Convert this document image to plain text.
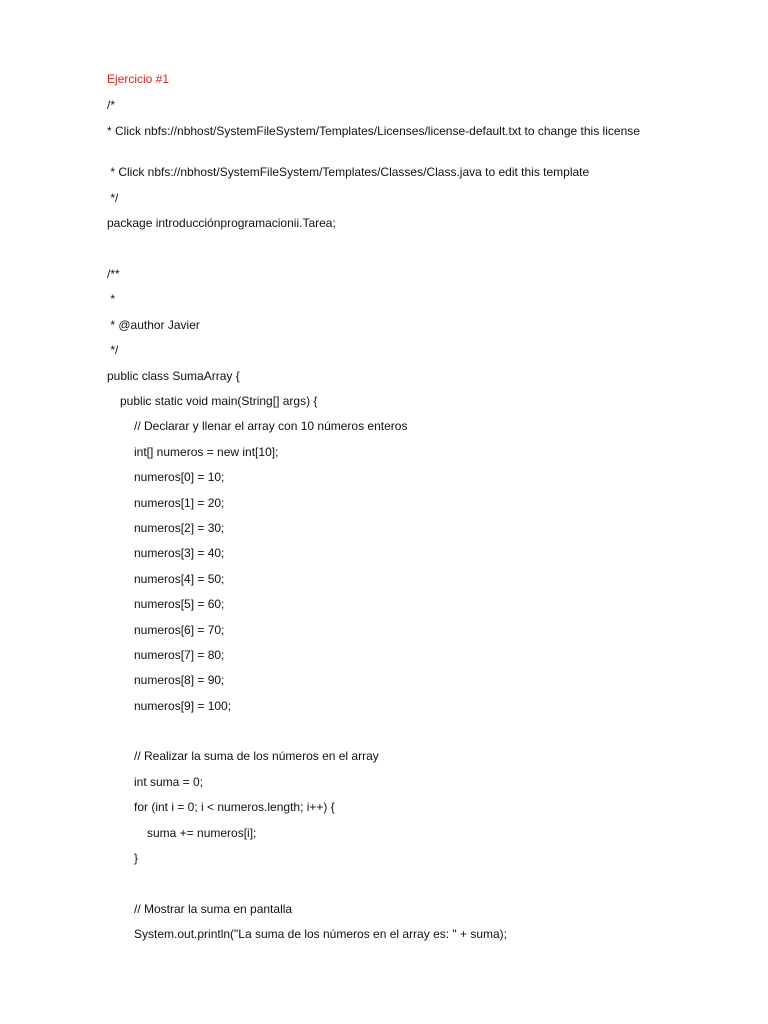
Ejercicio #1
/*
* Click nbfs://nbhost/SystemFileSystem/Templates/Licenses/license-default.txt to change this license
* Click nbfs://nbhost/SystemFileSystem/Templates/Classes/Class.java to edit this template
*/
package introducciónprogramacionii.Tarea;
/**
*
* @author Javier
*/
public class SumaArray {
public static void main(String[] args) {
// Declarar y llenar el array con 10 números enteros
int[] numeros = new int[10];
numeros[0] = 10;
numeros[1] = 20;
numeros[2] = 30;
numeros[3] = 40;
numeros[4] = 50;
numeros[5] = 60;
numeros[6] = 70;
numeros[7] = 80;
numeros[8] = 90;
numeros[9] = 100;
// Realizar la suma de los números en el array
int suma = 0;
for (int i = 0; i < numeros.length; i++) {
suma += numeros[i];
}
// Mostrar la suma en pantalla
System.out.println("La suma de los números en el array es: " + suma);
